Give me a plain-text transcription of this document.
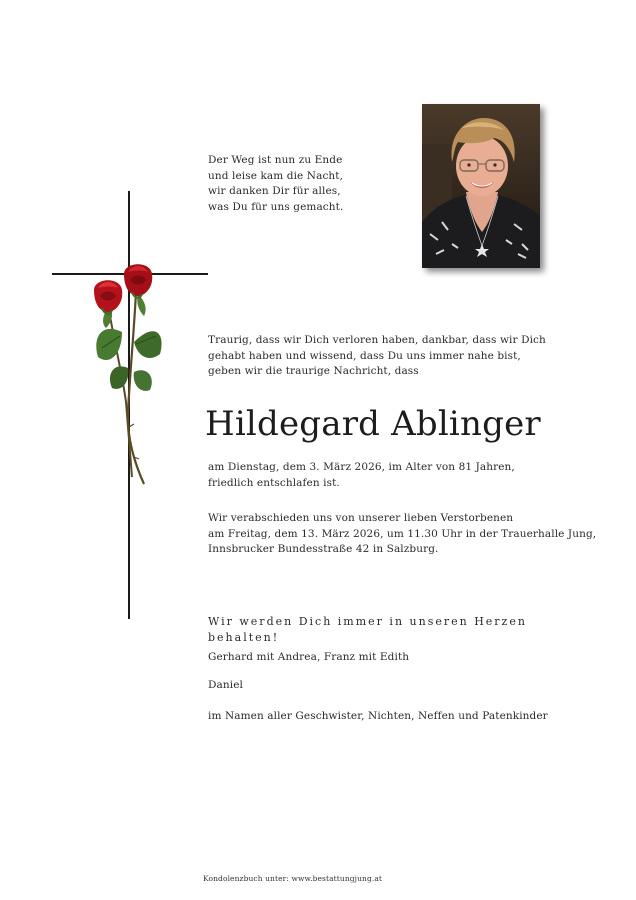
Der Weg ist nun zu Ende
und leise kam die Nacht,
wir danken Dir für alles,
was Du für uns gemacht.
Traurig, dass wir Dich verloren haben, dankbar, dass wir Dich
gehabt haben und wissend, dass Du uns immer nahe bist,
geben wir die traurige Nachricht, dass
Hildegard Ablinger
am Dienstag, dem 3. März 2026, im Alter von 81 Jahren,
friedlich entschlafen ist.
Wir verabschieden uns von unserer lieben Verstorbenen
am Freitag, dem 13. März 2026, um 11.30 Uhr in der Trauerhalle Jung,
Innsbrucker Bundesstraße 42 in Salzburg.
Wir werden Dich immer in unseren Herzen behalten!
Gerhard mit Andrea, Franz mit Edith
Daniel
im Namen aller Geschwister, Nichten, Neffen und Patenkinder
Kondolenzbuch unter: www.bestattungjung.at
